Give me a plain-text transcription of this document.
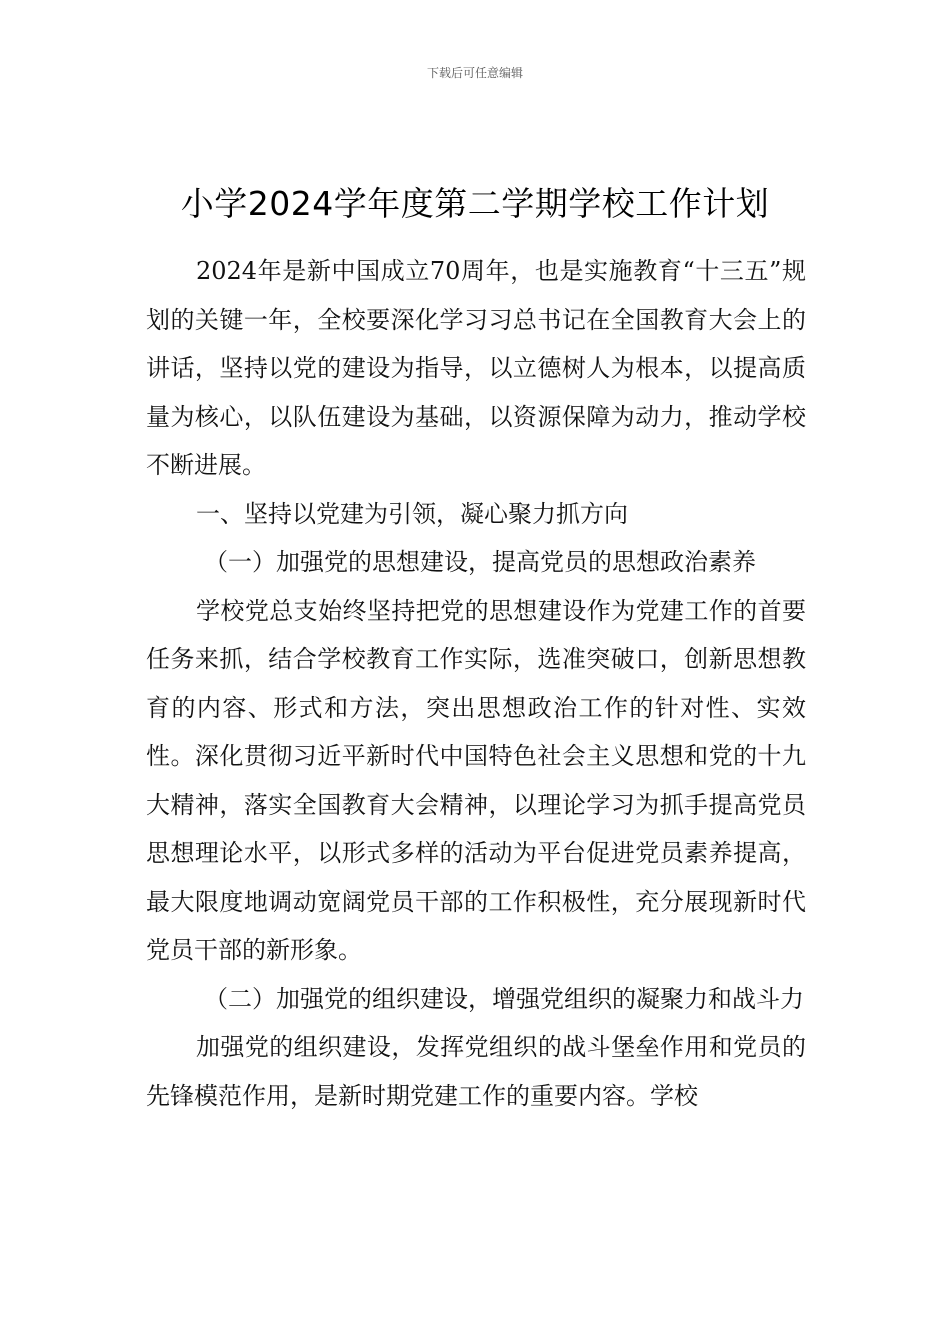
下载后可任意编辑
小学2024学年度第二学期学校工作计划

2024年是新中国成立70周年，也是实施教育“十三五”规划的关键一年，全校要深化学习习总书记在全国教育大会上的讲话，坚持以党的建设为指导，以立德树人为根本，以提高质量为核心，以队伍建设为基础，以资源保障为动力，推动学校不断进展。

一、坚持以党建为引领，凝心聚力抓方向

（一）加强党的思想建设，提高党员的思想政治素养

学校党总支始终坚持把党的思想建设作为党建工作的首要任务来抓，结合学校教育工作实际，选准突破口，创新思想教育的内容、形式和方法，突出思想政治工作的针对性、实效性。深化贯彻习近平新时代中国特色社会主义思想和党的十九大精神，落实全国教育大会精神，以理论学习为抓手提高党员思想理论水平，以形式多样的活动为平台促进党员素养提高，最大限度地调动宽阔党员干部的工作积极性，充分展现新时代党员干部的新形象。

（二）加强党的组织建设，增强党组织的凝聚力和战斗力

加强党的组织建设，发挥党组织的战斗堡垒作用和党员的先锋模范作用，是新时期党建工作的重要内容。学校
